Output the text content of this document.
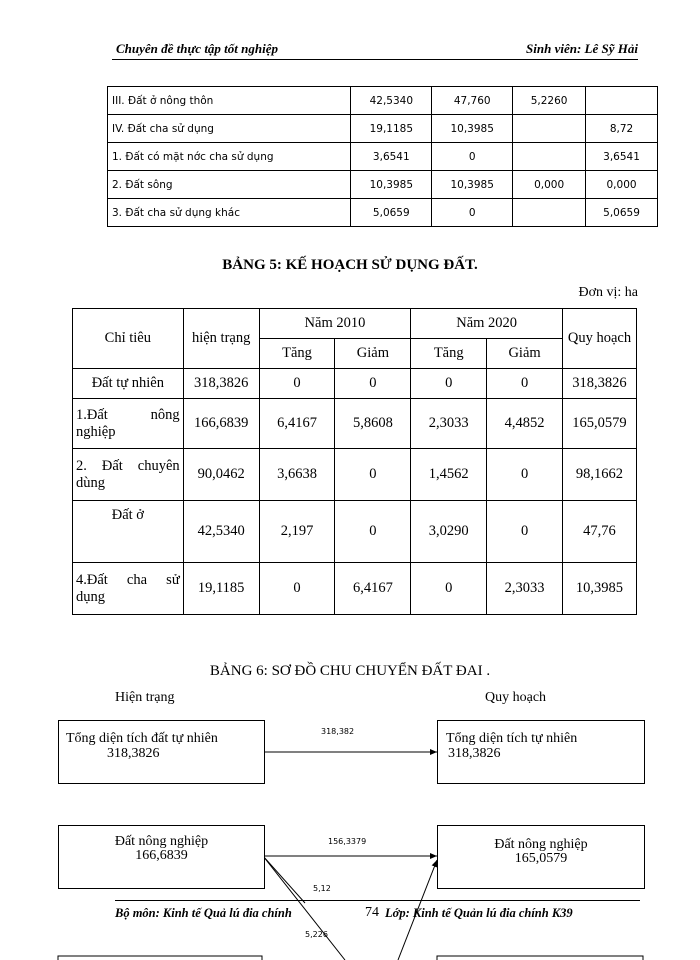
Chuyên đề thực tập tốt nghiệp	Sinh viên: Lê Sỹ Hải
III. Đất ở nông thôn	42,5340	47,760	5,2260	
IV. Đất cha sử dụng	19,1185	10,3985		8,72
1. Đất có mặt nớc cha sử dụng	3,6541	0		3,6541
2. Đất sông	10,3985	10,3985	0,000	0,000
3. Đất cha sử dụng khác	5,0659	0		5,0659
BẢNG 5: KẾ HOẠCH SỬ DỤNG ĐẤT.
Đơn vị: ha
Chỉ tiêu	hiện trạng	Năm 2010		Năm 2020		Quy hoạch
		Tăng	Giảm	Tăng	Giảm	
Đất tự nhiên	318,3826	0	0	0	0	318,3826
1.Đất nông nghiệp	166,6839	6,4167	5,8608	2,3033	4,4852	165,0579
2. Đất chuyên dùng	90,0462	3,6638	0	1,4562	0	98,1662
Đất ở	42,5340	2,197	0	3,0290	0	47,76
4.Đất cha sử dụng	19,1185	0	6,4167	0	2,3033	10,3985
BẢNG 6: SƠ ĐỒ CHU CHUYỂN ĐẤT ĐAI .
Hiện trạng	Quy hoạch
Tổng diện tích đất tự nhiên
318,3826
Tổng diện tích tự nhiên
318,3826
Đất nông nghiệp
166,6839
Đất nông nghiệp
165,0579
318,382
156,3379
5,12
5,226
Bộ môn: Kinh tế Quả lú đia chính	74 Lớp: Kinh tế Quản lú đia chính K39
